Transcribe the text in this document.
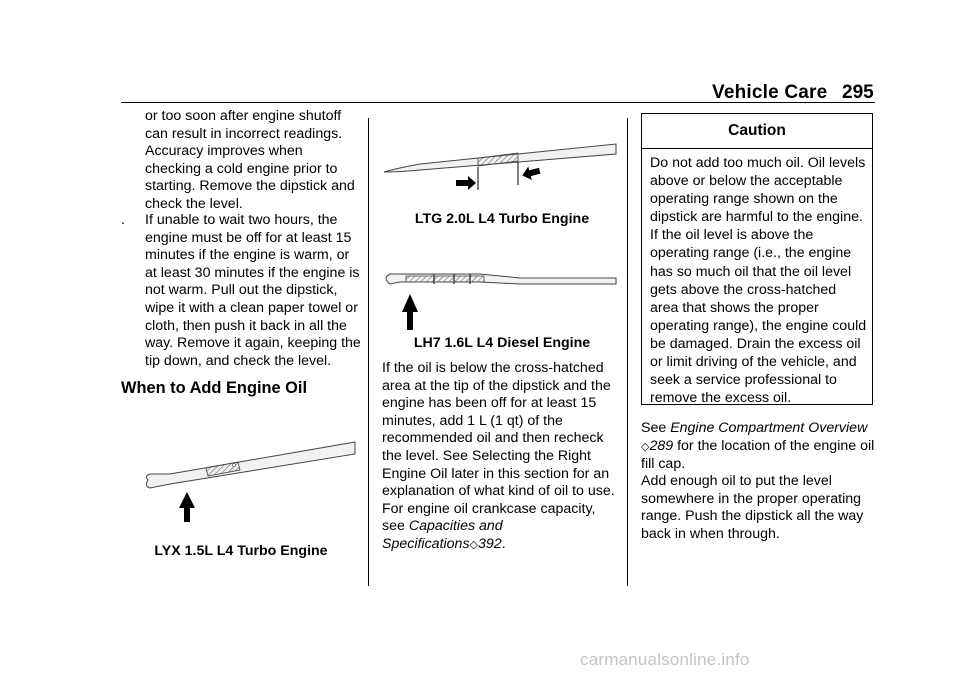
Vehicle Care 295
or too soon after engine shutoff can result in incorrect readings. Accuracy improves when checking a cold engine prior to starting. Remove the dipstick and check the level.
.	If unable to wait two hours, the engine must be off for at least 15 minutes if the engine is warm, or at least 30 minutes if the engine is not warm. Pull out the dipstick, wipe it with a clean paper towel or cloth, then push it back in all the way. Remove it again, keeping the tip down, and check the level.
When to Add Engine Oil
LYX 1.5L L4 Turbo Engine
LTG 2.0L L4 Turbo Engine
LH7 1.6L L4 Diesel Engine
If the oil is below the cross-hatched area at the tip of the dipstick and the engine has been off for at least 15 minutes, add 1 L (1 qt) of the recommended oil and then recheck the level. See Selecting the Right Engine Oil later in this section for an explanation of what kind of oil to use. For engine oil crankcase capacity, see Capacities and Specifications◇392.
Caution
Do not add too much oil. Oil levels above or below the acceptable operating range shown on the dipstick are harmful to the engine. If the oil level is above the operating range (i.e., the engine has so much oil that the oil level gets above the cross-hatched area that shows the proper operating range), the engine could be damaged. Drain the excess oil or limit driving of the vehicle, and seek a service professional to remove the excess oil.
See Engine Compartment Overview
◇289 for the location of the engine oil fill cap.
Add enough oil to put the level somewhere in the proper operating range. Push the dipstick all the way back in when through.
carmanualsonline.info
